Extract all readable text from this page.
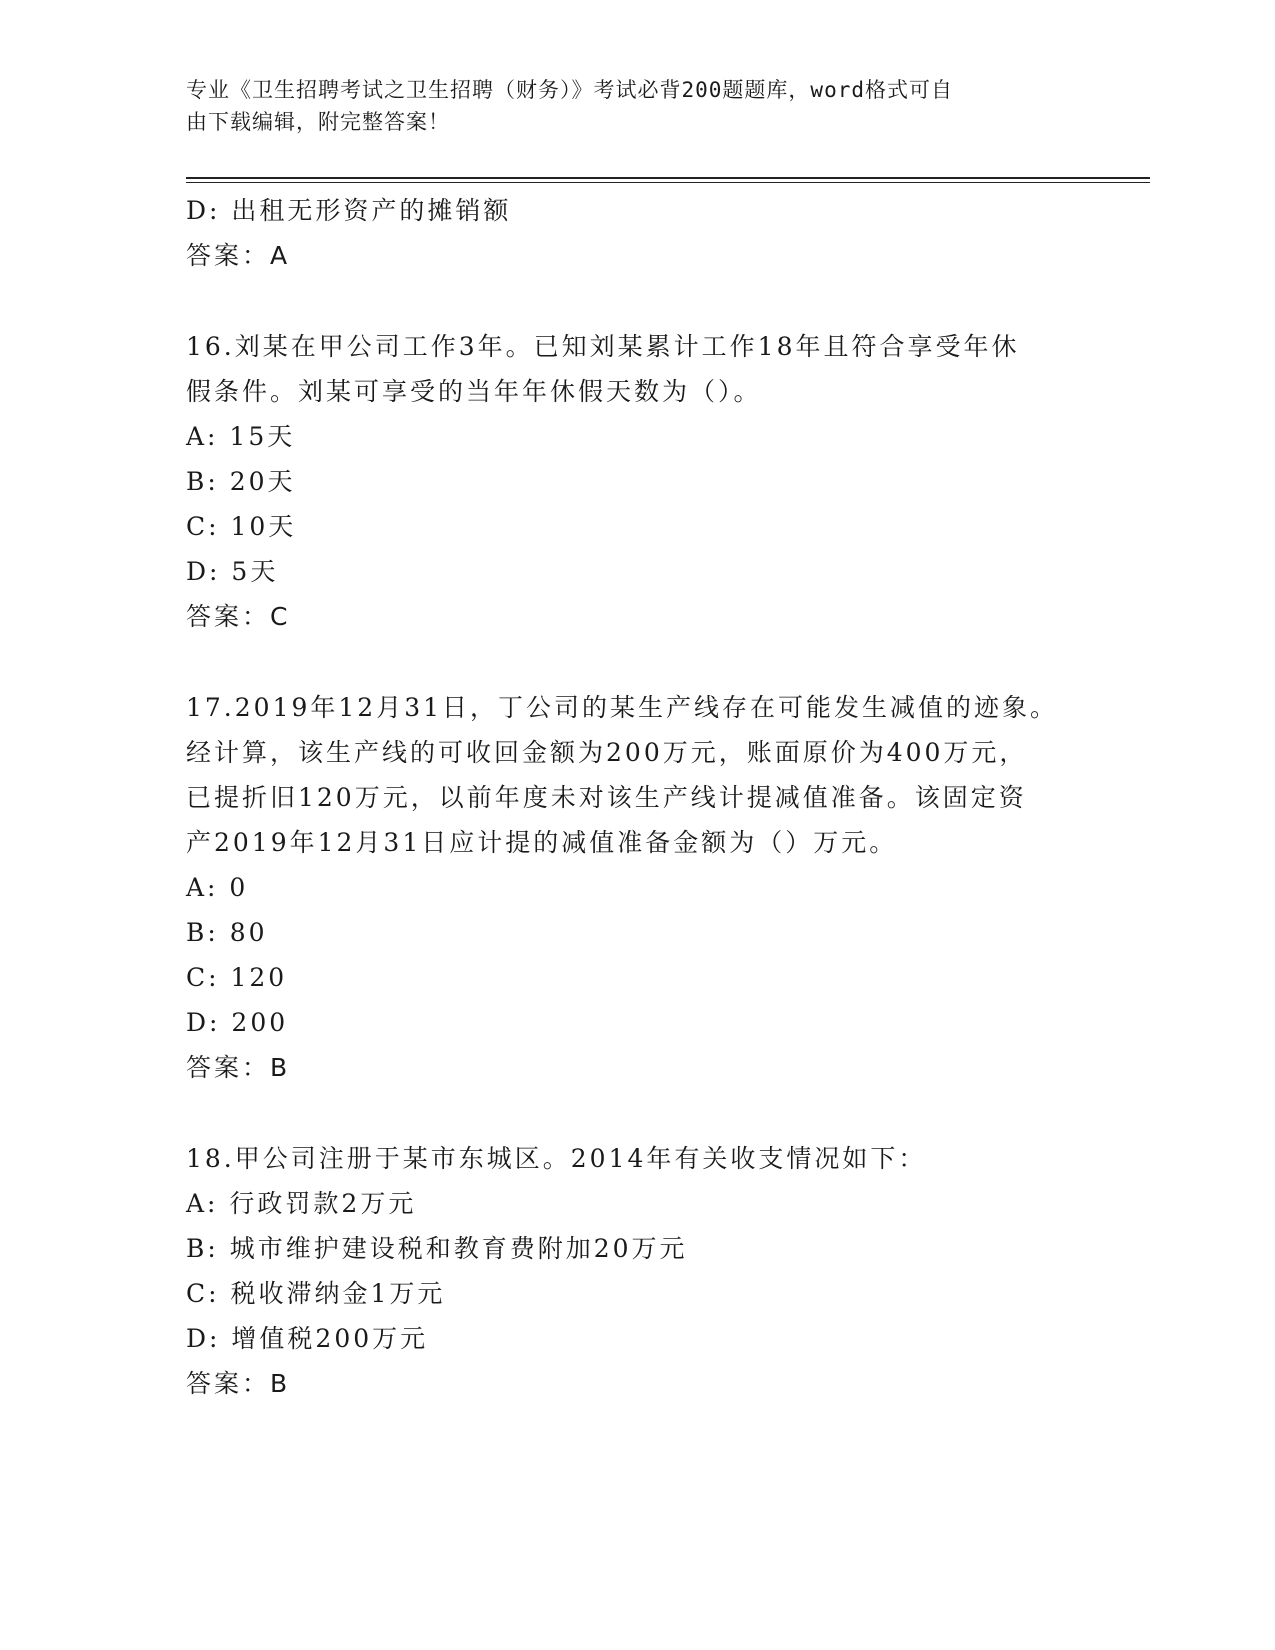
专业《卫生招聘考试之卫生招聘（财务）》考试必背200题题库，word格式可自
由下载编辑，附完整答案！
D: 出租无形资产的摊销额
答案：A
16.刘某在甲公司工作3年。已知刘某累计工作18年且符合享受年休
假条件。刘某可享受的当年年休假天数为（）。
A: 15天
B: 20天
C: 10天
D: 5天
答案：C
17.2019年12月31日，丁公司的某生产线存在可能发生减值的迹象。
经计算，该生产线的可收回金额为200万元，账面原价为400万元，
已提折旧120万元，以前年度未对该生产线计提减值准备。该固定资
产2019年12月31日应计提的减值准备金额为（）万元。
A: 0
B: 80
C: 120
D: 200
答案：B
18.甲公司注册于某市东城区。2014年有关收支情况如下：
A: 行政罚款2万元
B: 城市维护建设税和教育费附加20万元
C: 税收滞纳金1万元
D: 增值税200万元
答案：B
